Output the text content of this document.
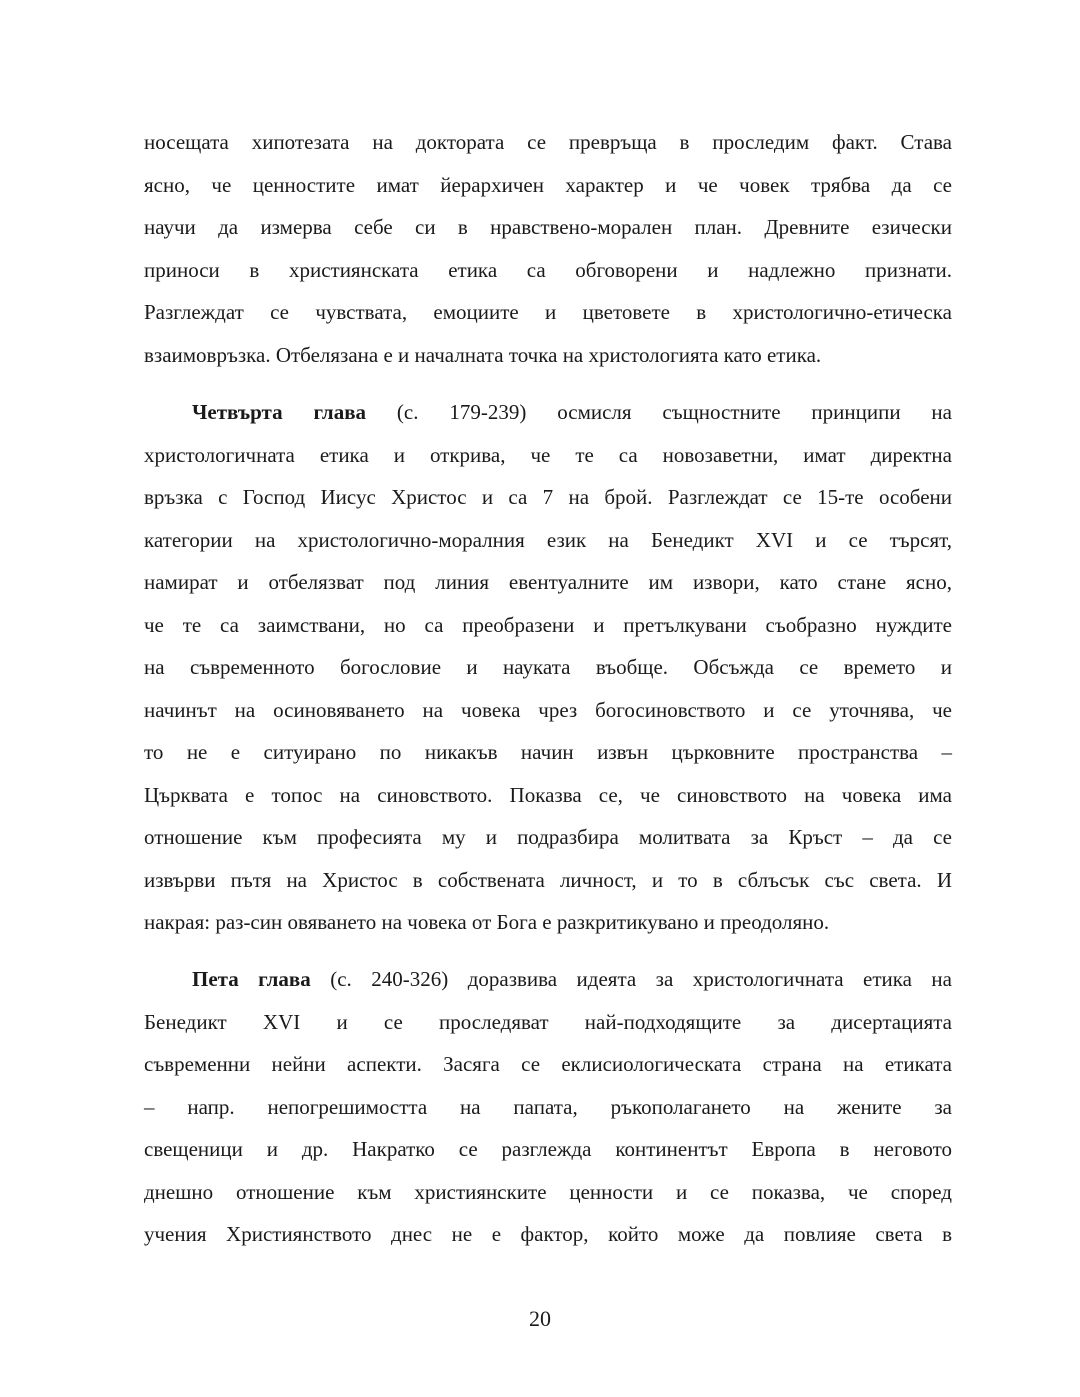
носещата хипотезата на доктората се превръща в проследим факт. Става
ясно, че ценностите имат йерархичен характер и че човек трябва да се
научи да измерва себе си в нравствено-морален план. Древните езически
приноси в християнската етика са обговорени и надлежно признати.
Разглеждат се чувствата, емоциите и цветовете в христологично-етическа
взаимовръзка. Отбелязана е и началната точка на христологията като етика.
Четвърта глава (с. 179-239) осмисля същностните принципи на
христологичната етика и открива, че те са новозаветни, имат директна
връзка с Господ Иисус Христос и са 7 на брой. Разглеждат се 15-те особени
категории на христологично-моралния език на Бенедикт XVI и се търсят,
намират и отбелязват под линия евентуалните им извори, като стане ясно,
че те са заимствани, но са преобразени и претълкувани съобразно нуждите
на съвременното богословие и науката въобще. Обсъжда се времето и
начинът на осиновяването на човека чрез богосиновството и се уточнява, че
то не е ситуирано по никакъв начин извън църковните пространства –
Църквата е топос на синовството. Показва се, че синовството на човека има
отношение към професията му и подразбира молитвата за Кръст – да се
извърви пътя на Христос в собствената личност, и то в сблъсък със света. И
накрая: раз-син овяването на човека от Бога е разкритикувано и преодоляно.
Пета глава (с. 240-326) доразвива идеята за христологичната етика на
Бенедикт XVI и се проследяват най-подходящите за дисертацията
съвременни нейни аспекти. Засяга се еклисиологическата страна на етиката
– напр. непогрешимостта на папата, ръкополагането на жените за
свещеници и др. Накратко се разглежда континентът Европа в неговото
днешно отношение към християнските ценности и се показва, че според
учения Християнството днес не е фактор, който може да повлияе света в
20
